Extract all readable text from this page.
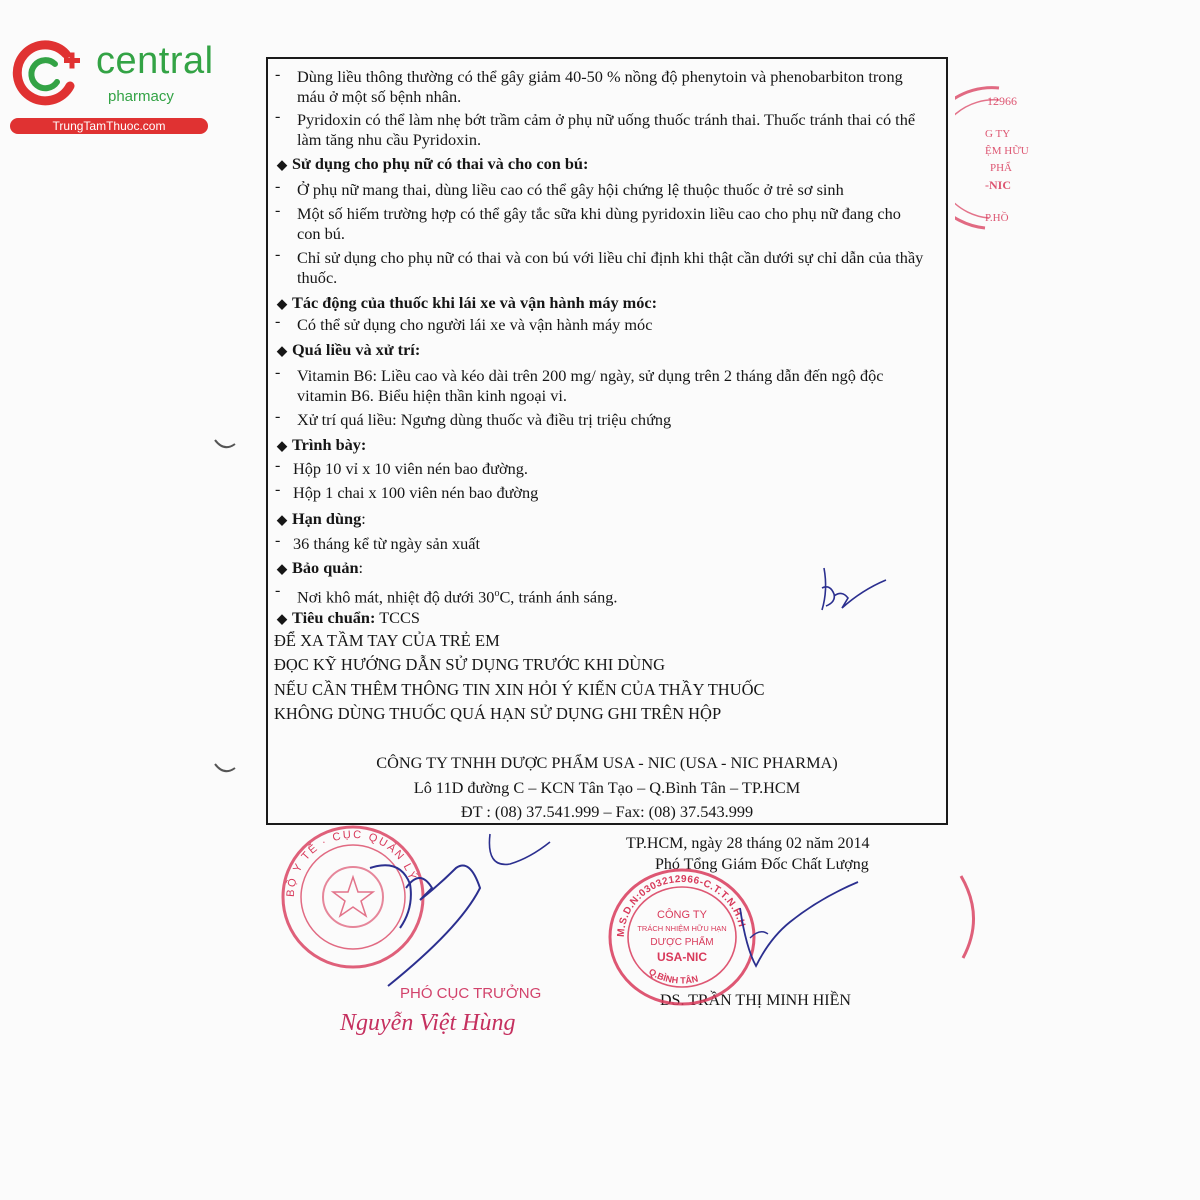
central
pharmacy
TrungTamThuoc.com
- Dùng liều thông thường có thể gây giảm 40-50 % nồng độ phenytoin và phenobarbiton trong
máu ở một số bệnh nhân.
- Pyridoxin có thể làm nhẹ bớt trầm cảm ở phụ nữ uống thuốc tránh thai. Thuốc tránh thai có thể
làm tăng nhu cầu Pyridoxin.
◆ Sử dụng cho phụ nữ có thai và cho con bú:
- Ở phụ nữ mang thai, dùng liều cao có thể gây hội chứng lệ thuộc thuốc ở trẻ sơ sinh
- Một số hiếm trường hợp có thể gây tắc sữa khi dùng pyridoxin liều cao cho phụ nữ đang cho
con bú.
- Chỉ sử dụng cho phụ nữ có thai và con bú với liều chỉ định khi thật cần dưới sự chỉ dẫn của thầy
thuốc.
◆ Tác động của thuốc khi lái xe và vận hành máy móc:
- Có thể sử dụng cho người lái xe và vận hành máy móc
◆ Quá liều và xử trí:
- Vitamin B6: Liều cao và kéo dài trên 200 mg/ ngày, sử dụng trên 2 tháng dẫn đến ngộ độc
vitamin B6. Biểu hiện thần kinh ngoại vi.
- Xử trí quá liều: Ngưng dùng thuốc và điều trị triệu chứng
◆ Trình bày:
- Hộp 10 vỉ x 10 viên nén bao đường.
- Hộp 1 chai x 100 viên nén bao đường
◆ Hạn dùng:
- 36 tháng kể từ ngày sản xuất
◆ Bảo quản:
- Nơi khô mát, nhiệt độ dưới 30$^o$C, tránh ánh sáng.
◆ Tiêu chuẩn: TCCS
ĐỂ XA TẦM TAY CỦA TRẺ EM
ĐỌC KỸ HƯỚNG DẪN SỬ DỤNG TRƯỚC KHI DÙNG
NẾU CẦN THÊM THÔNG TIN XIN HỎI Ý KIẾN CỦA THẦY THUỐC
KHÔNG DÙNG THUỐC QUÁ HẠN SỬ DỤNG GHI TRÊN HỘP
CÔNG TY TNHH DƯỢC PHẨM USA - NIC (USA - NIC PHARMA)
Lô 11D đường C – KCN Tân Tạo – Q.Bình Tân – TP.HCM
ĐT : (08) 37.541.999 – Fax: (08) 37.543.999
12966
G TY
ỆM HỮU
PHẨ
-NIC
P.HỒ
TP.HCM, ngày 28 tháng 02 năm 2014
Phó Tổng Giám Đốc Chất Lượng
DS. TRẦN THỊ MINH HIỀN
M.S.D.N:0303212966-C.T.T.N.H.H
Q.BÌNH TÂN
CÔNG TY
TRÁCH NHIỆM HỮU HẠN
DƯỢC PHẨM
USA-NIC
BỘ Y TẾ · CỤC QUẢN LÝ
PHÓ CỤC TRƯỞNG
Nguyễn Việt Hùng
